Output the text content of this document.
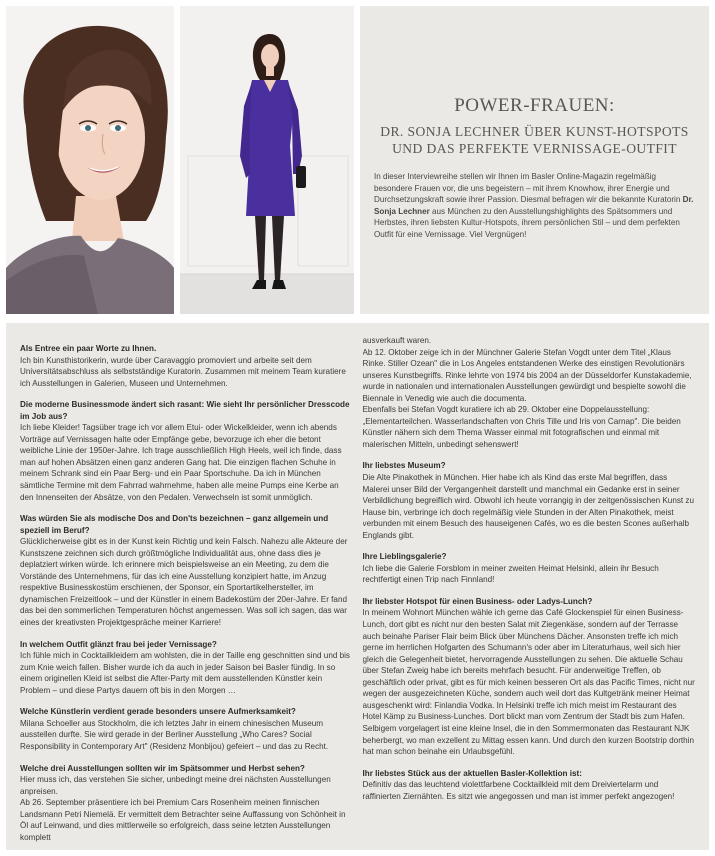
POWER-FRAUEN:
DR. SONJA LECHNER ÜBER KUNST-HOTSPOTS
UND DAS PERFEKTE VERNISSAGE-OUTFIT

In dieser Interviewreihe stellen wir Ihnen im Basler Online-Magazin regelmäßig besondere Frauen vor, die uns begeistern – mit ihrem Knowhow, ihrer Energie und Durchsetzungskraft sowie ihrer Passion. Diesmal befragen wir die bekannte Kuratorin Dr. Sonja Lechner aus München zu den Ausstellungshighlights des Spätsommers und Herbstes, ihren liebsten Kultur-Hotspots, ihrem persönlichen Stil – und dem perfekten Outfit für eine Vernissage. Viel Vergnügen!

Als Entree ein paar Worte zu Ihnen.

Ich bin Kunsthistorikerin, wurde über Caravaggio promoviert und arbeite seit dem Universitätsabschluss als selbstständige Kuratorin. Zusammen mit meinem Team kuratiere ich Ausstellungen in Galerien, Museen und Unternehmen.

Die moderne Businessmode ändert sich rasant: Wie sieht Ihr persönlicher Dresscode im Job aus?

Ich liebe Kleider! Tagsüber trage ich vor allem Etui- oder Wickelkleider, wenn ich abends Vorträge auf Vernissagen halte oder Empfänge gebe, bevorzuge ich eher die betont weibliche Linie der 1950er-Jahre. Ich trage ausschließlich High Heels, weil ich finde, dass man auf hohen Absätzen einen ganz anderen Gang hat. Die einzigen flachen Schuhe in meinem Schrank sind ein Paar Berg- und ein Paar Sportschuhe. Da ich in München sämtliche Termine mit dem Fahrrad wahrnehme, haben alle meine Pumps eine Kerbe an den Innenseiten der Absätze, von den Pedalen. Verwechseln ist somit unmöglich.

Was würden Sie als modische Dos and Don'ts bezeichnen – ganz allgemein und speziell im Beruf?

Glücklicherweise gibt es in der Kunst kein Richtig und kein Falsch. Nahezu alle Akteure der Kunstszene zeichnen sich durch größtmögliche Individualität aus, ohne dass dies je deplatziert wirken würde. Ich erinnere mich beispielsweise an ein Meeting, zu dem die Vorstände des Unternehmens, für das ich eine Ausstellung konzipiert hatte, im Anzug respektive Businesskostüm erschienen, der Sponsor, ein Sportartikelhersteller, im dynamischen Freizeitlook – und der Künstler in einem Badekostüm der 20er-Jahre. Er fand das bei den sommerlichen Temperaturen höchst angemessen. Was soll ich sagen, das war eines der kreativsten Projektgespräche meiner Karriere!

In welchem Outfit glänzt frau bei jeder Vernissage?

Ich fühle mich in Cocktailkleidern am wohlsten, die in der Taille eng geschnitten sind und bis zum Knie weich fallen. Bisher wurde ich da auch in jeder Saison bei Basler fündig. In so einem originellen Kleid ist selbst die After-Party mit dem ausstellenden Künstler kein Problem – und diese Partys dauern oft bis in den Morgen …

Welche Künstlerin verdient gerade besonders unsere Aufmerksamkeit?

Milana Schoeller aus Stockholm, die ich letztes Jahr in einem chinesischen Museum ausstellen durfte. Sie wird gerade in der Berliner Ausstellung „Who Cares? Social Responsibility in Contemporary Art" (Residenz Monbijou) gefeiert – und das zu Recht.

Welche drei Ausstellungen sollten wir im Spätsommer und Herbst sehen?

Hier muss ich, das verstehen Sie sicher, unbedingt meine drei nächsten Ausstellungen anpreisen.

Ab 26. September präsentiere ich bei Premium Cars Rosenheim meinen finnischen Landsmann Petri Niemelä. Er vermittelt dem Betrachter seine Auffassung von Schönheit in Öl auf Leinwand, und dies mittlerweile so erfolgreich, dass seine letzten Ausstellungen komplett

ausverkauft waren.

Ab 12. Oktober zeige ich in der Münchner Galerie Stefan Vogdt unter dem Titel „Klaus Rinke. Stiller Ozean" die in Los Angeles entstandenen Werke des einstigen Revolutionärs unseres Kunstbegriffs. Rinke lehrte von 1974 bis 2004 an der Düsseldorfer Kunstakademie, wurde in nationalen und internationalen Ausstellungen gewürdigt und bespielte sowohl die Biennale in Venedig wie auch die documenta.

Ebenfalls bei Stefan Vogdt kuratiere ich ab 29. Oktober eine Doppelausstellung: „Elementarteilchen. Wasserlandschaften von Chris Tille und Iris von Carnap". Die beiden Künstler nähern sich dem Thema Wasser einmal mit fotografischen und einmal mit malerischen Mitteln, unbedingt sehenswert!

Ihr liebstes Museum?

Die Alte Pinakothek in München. Hier habe ich als Kind das erste Mal begriffen, dass Malerei unser Bild der Vergangenheit darstellt und manchmal ein Gedanke erst in seiner Verbildlichung begreiflich wird. Obwohl ich heute vorrangig in der zeitgenössischen Kunst zu Hause bin, verbringe ich doch regelmäßig viele Stunden in der Alten Pinakothek, meist verbunden mit einem Besuch des hauseigenen Cafés, wo es die besten Scones außerhalb Englands gibt.

Ihre Lieblingsgalerie?

Ich liebe die Galerie Forsblom in meiner zweiten Heimat Helsinki, allein ihr Besuch rechtfertigt einen Trip nach Finnland!

Ihr liebster Hotspot für einen Business- oder Ladys-Lunch?

In meinem Wohnort München wähle ich gerne das Café Glockenspiel für einen Business-Lunch, dort gibt es nicht nur den besten Salat mit Ziegenkäse, sondern auf der Terrasse auch beinahe Pariser Flair beim Blick über Münchens Dächer. Ansonsten treffe ich mich gerne im herrlichen Hofgarten des Schumann's oder aber im Literaturhaus, weil sich hier gleich die Gelegenheit bietet, hervorragende Ausstellungen zu sehen. Die aktuelle Schau über Stefan Zweig habe ich bereits mehrfach besucht. Für anderweitige Treffen, ob geschäftlich oder privat, gibt es für mich keinen besseren Ort als das Pacific Times, nicht nur wegen der ausgezeichneten Küche, sondern auch weil dort das Kultgetränk meiner Heimat ausgeschenkt wird: Finlandia Vodka. In Helsinki treffe ich mich meist im Restaurant des Hotel Kämp zu Business-Lunches. Dort blickt man vom Zentrum der Stadt bis zum Hafen. Selbigem vorgelagert ist eine kleine Insel, die in den Sommermonaten das Restaurant NJK beherbergt, wo man exzellent zu Mittag essen kann. Und durch den kurzen Bootstrip dorthin hat man schon beinahe ein Urlaubsgefühl.

Ihr liebstes Stück aus der aktuellen Basler-Kollektion ist:

Definitiv das das leuchtend violettfarbene Cocktailkleid mit dem Dreiviertelarm und raffinierten Ziernähten. Es sitzt wie angegossen und man ist immer perfekt angezogen!
